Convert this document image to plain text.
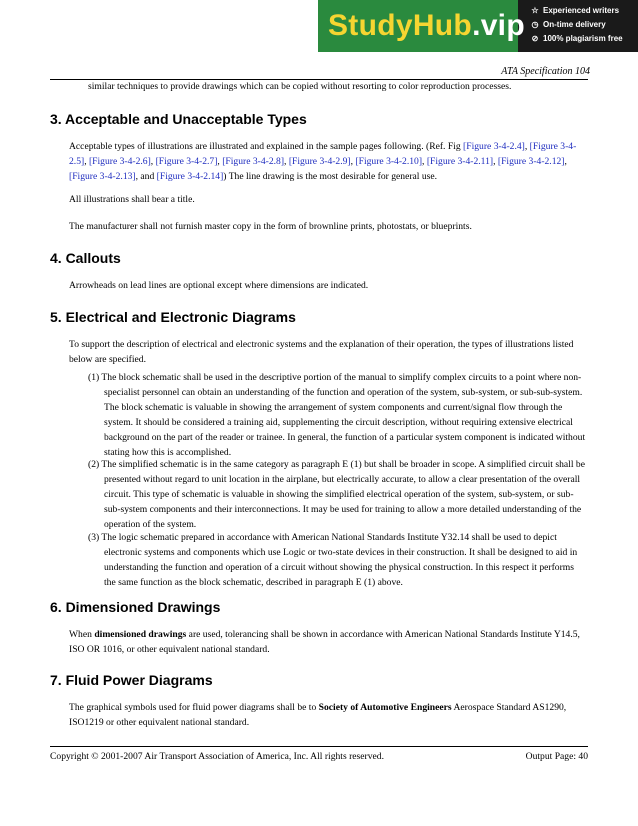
StudyHub.vip ☆ Experienced writers
◷ On-time delivery
⊘ 100% plagiarism free
ATA Specification 104

similar techniques to provide drawings which can be copied without resorting to color reproduction processes.

3. Acceptable and Unacceptable Types

Acceptable types of illustrations are illustrated and explained in the sample pages following. (Ref. Fig [Figure 3-4-2.4], [Figure 3-4-2.5], [Figure 3-4-2.6], [Figure 3-4-2.7], [Figure 3-4-2.8], [Figure 3-4-2.9], [Figure 3-4-2.10], [Figure 3-4-2.11], [Figure 3-4-2.12], [Figure 3-4-2.13], and [Figure 3-4-2.14]) The line drawing is the most desirable for general use.

All illustrations shall bear a title.

The manufacturer shall not furnish master copy in the form of brownline prints, photostats, or blueprints.

4. Callouts

Arrowheads on lead lines are optional except where dimensions are indicated.

5. Electrical and Electronic Diagrams

To support the description of electrical and electronic systems and the explanation of their operation, the types of illustrations listed below are specified.

(1) The block schematic shall be used in the descriptive portion of the manual to simplify complex circuits to a point where non-specialist personnel can obtain an understanding of the function and operation of the system, sub-system, or sub-sub-system. The block schematic is valuable in showing the arrangement of system components and current/signal flow through the system. It should be considered a training aid, supplementing the circuit description, without requiring extensive electrical background on the part of the reader or trainee. In general, the function of a particular system component is indicated without stating how this is accomplished.
(2) The simplified schematic is in the same category as paragraph E (1) but shall be broader in scope. A simplified circuit shall be presented without regard to unit location in the airplane, but electrically accurate, to allow a clear presentation of the overall circuit. This type of schematic is valuable in showing the simplified electrical operation of the system, sub-system, or sub-sub-system components and their interconnections. It may be used for training to allow a more detailed understanding of the operation of the system.
(3) The logic schematic prepared in accordance with American National Standards Institute Y32.14 shall be used to depict electronic systems and components which use Logic or two-state devices in their construction. It shall be designed to aid in understanding the function and operation of a circuit without showing the physical construction. In this respect it performs the same function as the block schematic, described in paragraph E (1) above.
6. Dimensioned Drawings

When dimensioned drawings are used, tolerancing shall be shown in accordance with American National Standards Institute Y14.5, ISO OR 1016, or other equivalent national standard.

7. Fluid Power Diagrams

The graphical symbols used for fluid power diagrams shall be to Society of Automotive Engineers Aerospace Standard AS1290, ISO1219 or other equivalent national standard.

Copyright © 2001-2007 Air Transport Association of America, Inc. All rights reserved.	Output Page: 40
